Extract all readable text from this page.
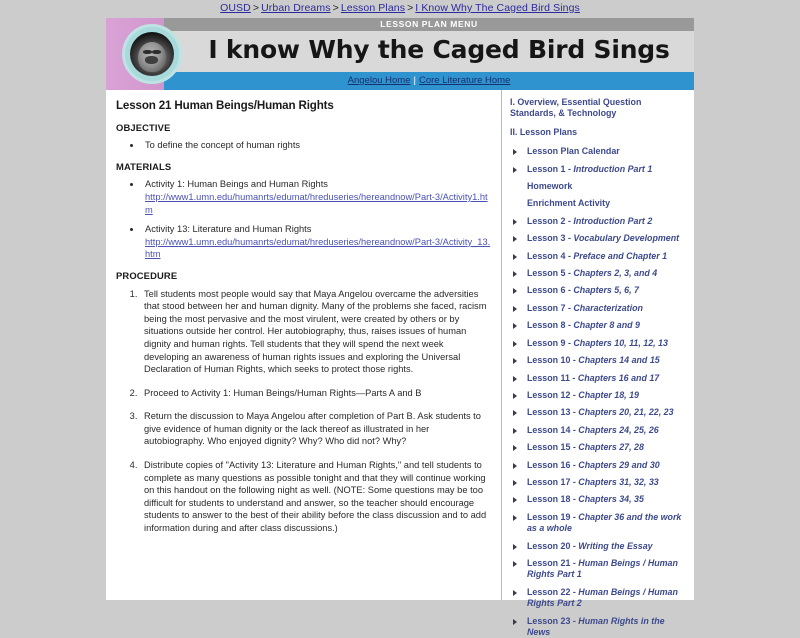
OUSD > Urban Dreams > Lesson Plans > I Know Why The Caged Bird Sings
LESSON PLAN MENU
I know Why the Caged Bird Sings
Angelou Home | Core Literature Home
Lesson 21 Human Beings/Human Rights
OBJECTIVE
• To define the concept of human rights
MATERIALS
• Activity 1: Human Beings and Human Rights
http://www1.umn.edu/humanrts/edumat/hreduseries/hereandnow/Part-3/Activity1.htm
• Activity 13: Literature and Human Rights
http://www1.umn.edu/humanrts/edumat/hreduseries/hereandnow/Part-3/Activity_13.htm
PROCEDURE
1. Tell students most people would say that Maya Angelou overcame the adversities that stood between her and human dignity. Many of the problems she faced, racism being the most pervasive and the most virulent, were created by others or by situations outside her control. Her autobiography, thus, raises issues of human dignity and human rights. Tell students that they will spend the next week developing an awareness of human rights issues and exploring the Universal Declaration of Human Rights, which seeks to protect those rights.
2. Proceed to Activity 1: Human Beings/Human Rights—Parts A and B
3. Return the discussion to Maya Angelou after completion of Part B. Ask students to give evidence of human dignity or the lack thereof as illustrated in her autobiography. Who enjoyed dignity? Why? Who did not? Why?
4. Distribute copies of "Activity 13: Literature and Human Rights," and tell students to complete as many questions as possible tonight and that they will continue working on this handout on the following night as well. (NOTE: Some questions may be too difficult for students to understand and answer, so the teacher should encourage students to answer to the best of their ability before the class discussion and to add information during and after class discussions.)
I. Overview, Essential Question Standards, & Technology
II. Lesson Plans
Lesson Plan Calendar
Lesson 1 - Introduction Part 1
Homework
Enrichment Activity
Lesson 2 - Introduction Part 2
Lesson 3 - Vocabulary Development
Lesson 4 - Preface and Chapter 1
Lesson 5 - Chapters 2, 3, and 4
Lesson 6 - Chapters 5, 6, 7
Lesson 7 - Characterization
Lesson 8 - Chapter 8 and 9
Lesson 9 - Chapters 10, 11, 12, 13
Lesson 10 - Chapters 14 and 15
Lesson 11 - Chapters 16 and 17
Lesson 12 - Chapter 18, 19
Lesson 13 - Chapters 20, 21, 22, 23
Lesson 14 - Chapters 24, 25, 26
Lesson 15 - Chapters 27, 28
Lesson 16 - Chapters 29 and 30
Lesson 17 - Chapters 31, 32, 33
Lesson 18 - Chapters 34, 35
Lesson 19 - Chapter 36 and the work as a whole
Lesson 20 - Writing the Essay
Lesson 21 - Human Beings / Human Rights Part 1
Lesson 22 - Human Beings / Human Rights Part 2
Lesson 23 - Human Rights in the News
